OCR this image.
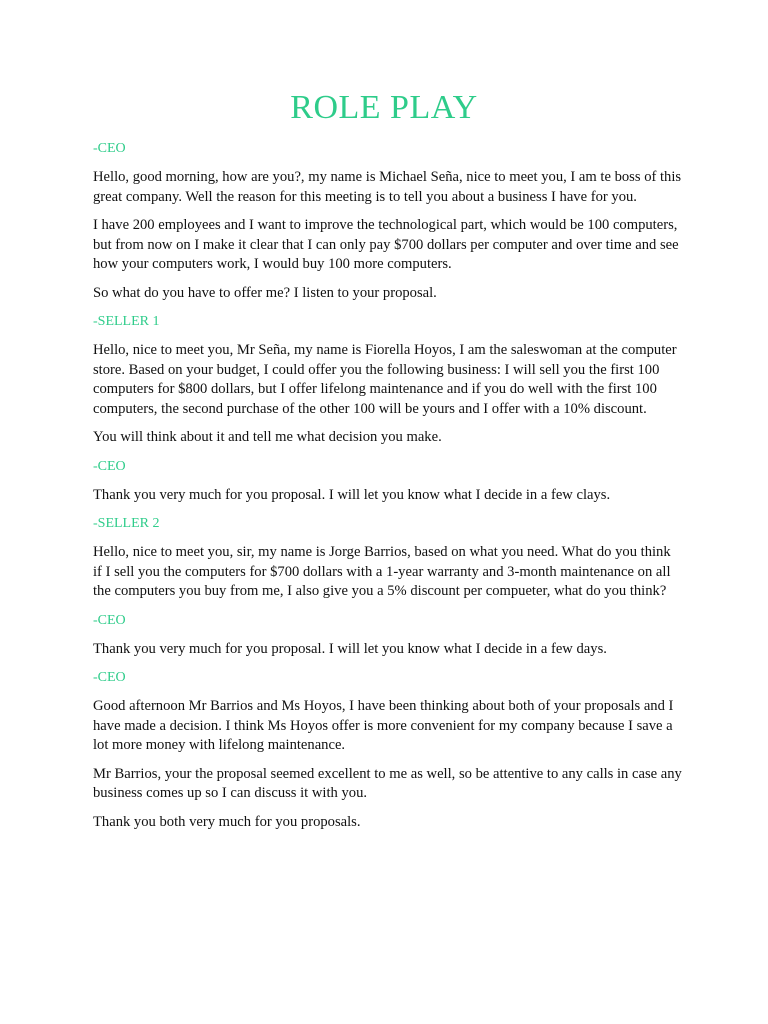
ROLE PLAY

-CEO

Hello, good morning, how are you?, my name is Michael Seña, nice to meet you, I am te boss of this great company. Well the reason for this meeting is to tell you about a business I have for you.

I have 200 employees and I want to improve the technological part, which would be 100 computers, but from now on I make it clear that I can only pay $700 dollars per computer and over time and see how your computers work, I would buy 100 more computers.

So what do you have to offer me? I listen to your proposal.

-SELLER 1

Hello, nice to meet you, Mr Seña, my name is Fiorella Hoyos, I am the saleswoman at the computer store. Based on your budget, I could offer you the following business: I will sell you the first 100 computers for $800 dollars, but I offer lifelong maintenance and if you do well with the first 100 computers, the second purchase of the other 100 will be yours and I offer with a 10% discount.

You will think about it and tell me what decision you make.

-CEO

Thank you very much for you proposal. I will let you know what I decide in a few clays.

-SELLER 2

Hello, nice to meet you, sir, my name is Jorge Barrios, based on what you need. What do you think if I sell you the computers for $700 dollars with a 1-year warranty and 3-month maintenance on all the computers you buy from me, I also give you a 5% discount per compueter, what do you think?

-CEO

Thank you very much for you proposal. I will let you know what I decide in a few days.

-CEO

Good afternoon Mr Barrios and Ms Hoyos, I have been thinking about both of your proposals and I have made a decision. I think Ms Hoyos offer is more convenient for my company because I save a lot more money with lifelong maintenance.

Mr Barrios, your the proposal seemed excellent to me as well, so be attentive to any calls in case any business comes up so I can discuss it with you.

Thank you both very much for you proposals.
